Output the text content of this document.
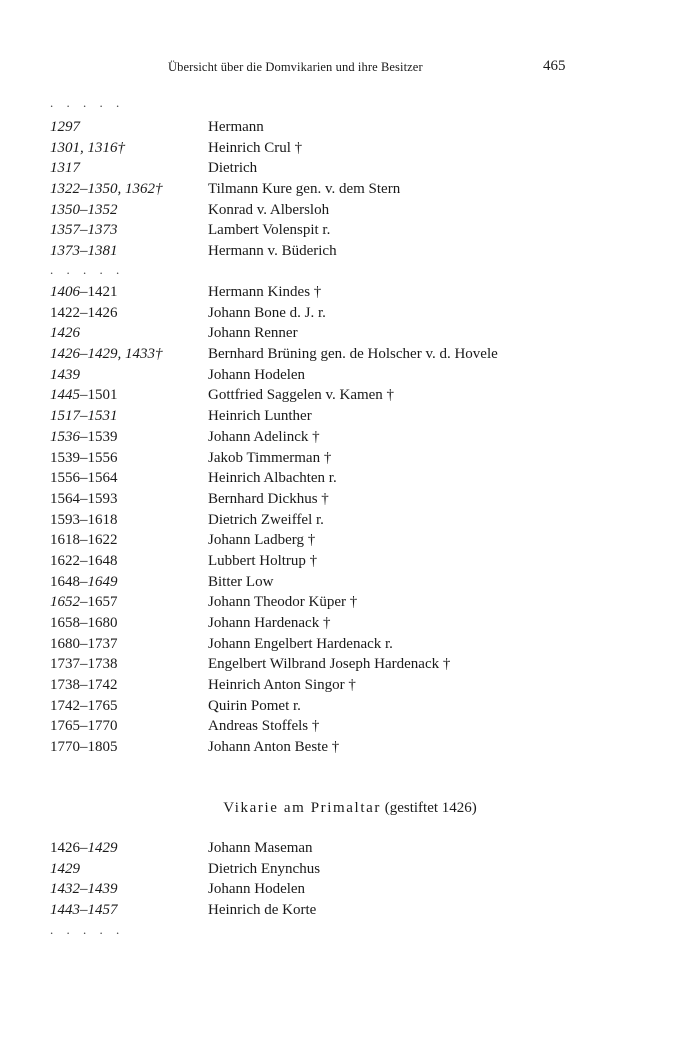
Übersicht über die Domvikarien und ihre Besitzer	465
. . . . .
1297	Hermann
1301, 1316†	Heinrich Crul †
1317	Dietrich
1322–1350, 1362†	Tilmann Kure gen. v. dem Stern
1350–1352	Konrad v. Albersloh
1357–1373	Lambert Volenspit r.
1373–1381	Hermann v. Büderich
. . . . .
1406–1421	Hermann Kindes †
1422–1426	Johann Bone d. J. r.
1426	Johann Renner
1426–1429, 1433†	Bernhard Brüning gen. de Holscher v. d. Hovele
1439	Johann Hodelen
1445–1501	Gottfried Saggelen v. Kamen †
1517–1531	Heinrich Lunther
1536–1539	Johann Adelinck †
1539–1556	Jakob Timmerman †
1556–1564	Heinrich Albachten r.
1564–1593	Bernhard Dickhus †
1593–1618	Dietrich Zweiffel r.
1618–1622	Johann Ladberg †
1622–1648	Lubbert Holtrup †
1648–1649	Bitter Low
1652–1657	Johann Theodor Küper †
1658–1680	Johann Hardenack †
1680–1737	Johann Engelbert Hardenack r.
1737–1738	Engelbert Wilbrand Joseph Hardenack †
1738–1742	Heinrich Anton Singor †
1742–1765	Quirin Pomet r.
1765–1770	Andreas Stoffels †
1770–1805	Johann Anton Beste †
Vikarie am Primaltar (gestiftet 1426)
1426–1429	Johann Maseman
1429	Dietrich Enynchus
1432–1439	Johann Hodelen
1443–1457	Heinrich de Korte
. . . . .
